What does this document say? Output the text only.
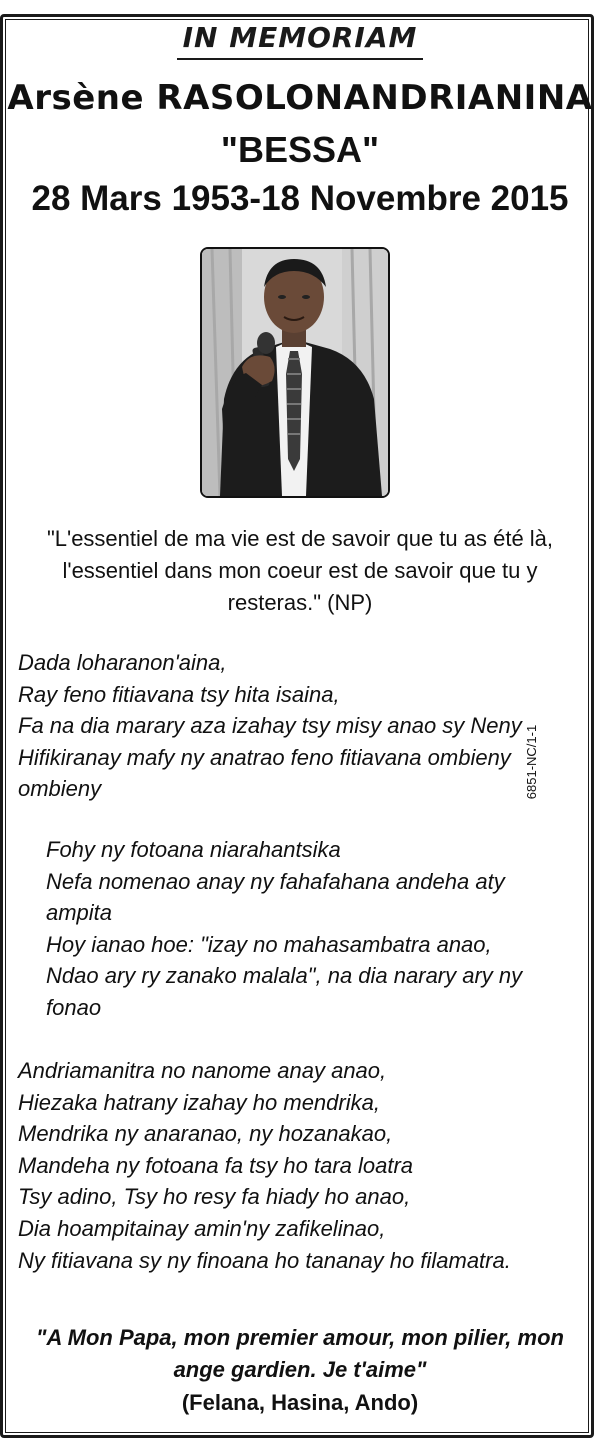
IN MEMORIAM
Arsène RASOLONANDRIANINA
"BESSA"
28 Mars 1953-18 Novembre 2015
"L'essentiel de ma vie est de savoir que tu as été là, l'essentiel dans mon coeur est de savoir que tu y resteras." (NP)
Dada loharanon'aina,
Ray feno fitiavana tsy hita isaina,
Fa na dia marary aza izahay tsy misy anao sy Neny
Hifikiranay mafy ny anatrao feno fitiavana ombieny ombieny
Fohy ny fotoana niarahantsika
Nefa nomenao anay ny fahafahana andeha aty ampita
Hoy ianao hoe: "izay no mahasambatra anao,
Ndao ary ry zanako malala", na dia narary ary ny fonao
Andriamanitra no nanome anay anao,
Hiezaka hatrany izahay ho mendrika,
Mendrika ny anaranao, ny hozanakao,
Mandeha ny fotoana fa tsy ho tara loatra
Tsy adino, Tsy ho resy fa hiady ho anao,
Dia hoampitainay amin'ny zafikelinao,
Ny fitiavana sy ny finoana ho tananay ho filamatra.
"A Mon Papa, mon premier amour, mon pilier, mon ange gardien. Je t'aime"
(Felana, Hasina, Ando)
6851-NC/1-1
